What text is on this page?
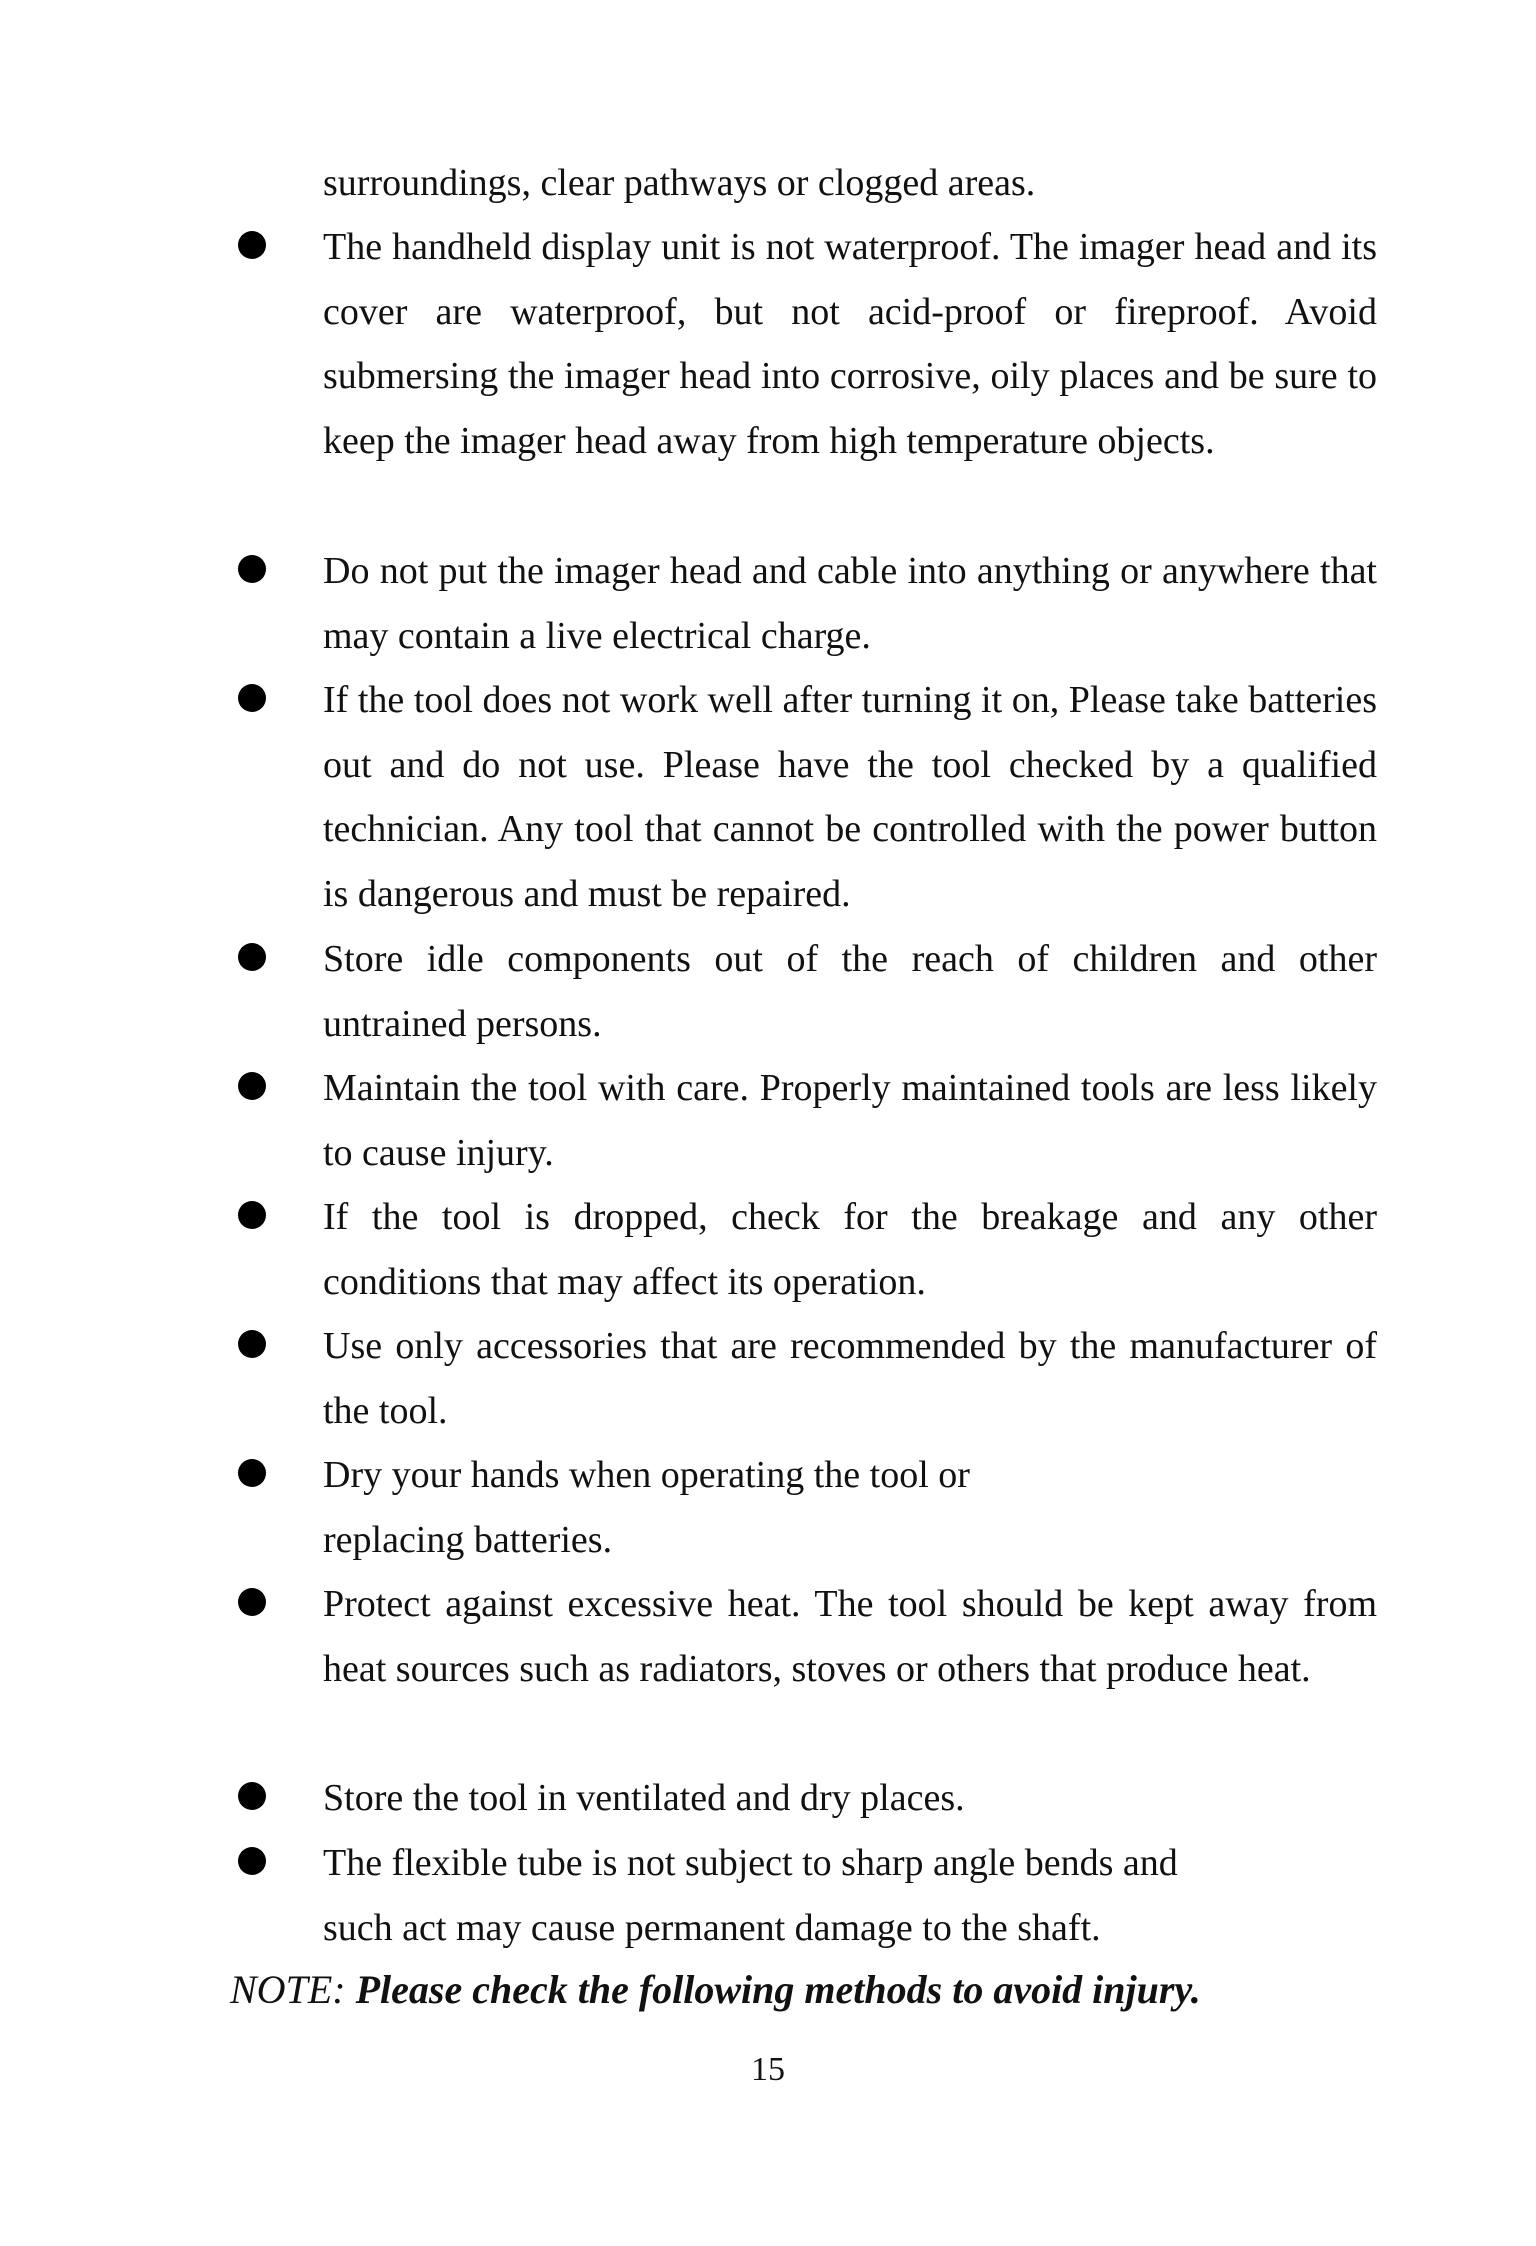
surroundings, clear pathways or clogged areas.
The handheld display unit is not waterproof. The imager head and its cover are waterproof, but not acid-proof or fireproof. Avoid submersing the imager head into corrosive, oily places and be sure to keep the imager head away from high temperature objects.
Do not put the imager head and cable into anything or anywhere that may contain a live electrical charge.
If the tool does not work well after turning it on, Please take batteries out and do not use. Please have the tool checked by a qualified technician. Any tool that cannot be controlled with the power button is dangerous and must be repaired.
Store idle components out of the reach of children and other untrained persons.
Maintain the tool with care. Properly maintained tools are less likely to cause injury.
If the tool is dropped, check for the breakage and any other conditions that may affect its operation.
Use only accessories that are recommended by the manufacturer of the tool.
Dry your hands when operating the tool or
replacing batteries.
Protect against excessive heat. The tool should be kept away from heat sources such as radiators, stoves or others that produce heat.
Store the tool in ventilated and dry places.
The flexible tube is not subject to sharp angle bends and
such act may cause permanent damage to the shaft.
NOTE: Please check the following methods to avoid injury.
15
